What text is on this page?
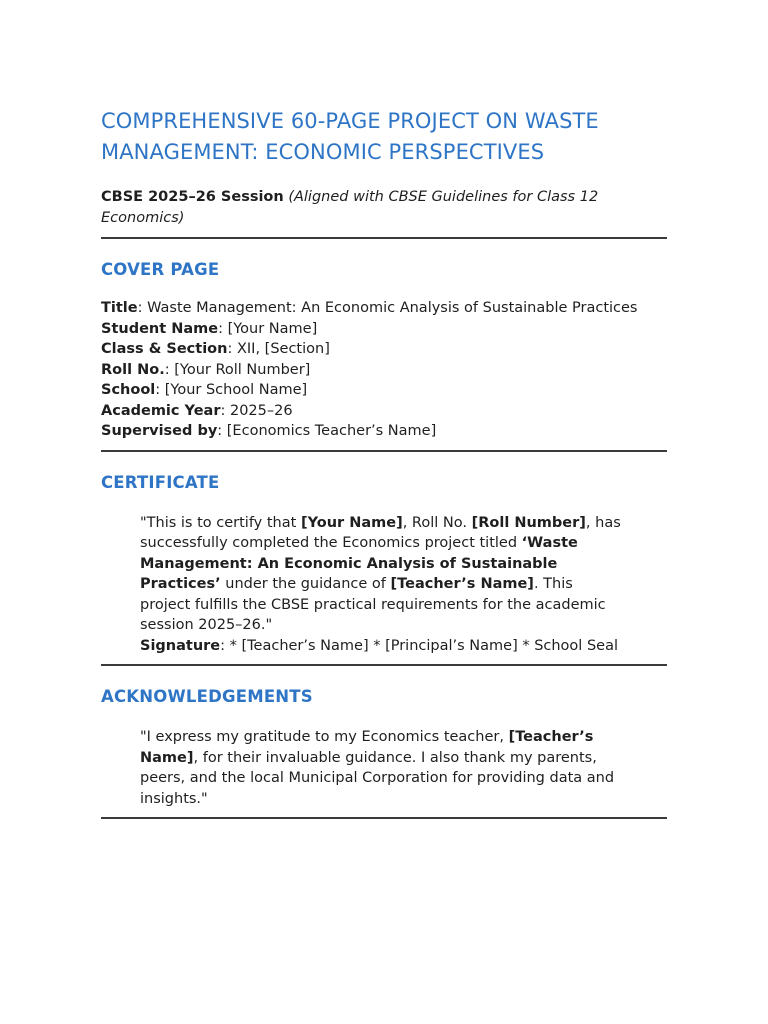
COMPREHENSIVE 60-PAGE PROJECT ON WASTE MANAGEMENT: ECONOMIC PERSPECTIVES

CBSE 2025–26 Session (Aligned with CBSE Guidelines for Class 12 Economics)

COVER PAGE
Title: Waste Management: An Economic Analysis of Sustainable Practices
Student Name: [Your Name]
Class & Section: XII, [Section]
Roll No.: [Your Roll Number]
School: [Your School Name]
Academic Year: 2025–26
Supervised by: [Economics Teacher’s Name]
CERTIFICATE
"This is to certify that [Your Name], Roll No. [Roll Number], has successfully completed the Economics project titled ‘Waste Management: An Economic Analysis of Sustainable Practices’ under the guidance of [Teacher’s Name]. This project fulfills the CBSE practical requirements for the academic session 2025–26."
Signature: * [Teacher’s Name] * [Principal’s Name] * School Seal
ACKNOWLEDGEMENTS
"I express my gratitude to my Economics teacher, [Teacher’s Name], for their invaluable guidance. I also thank my parents, peers, and the local Municipal Corporation for providing data and insights."
